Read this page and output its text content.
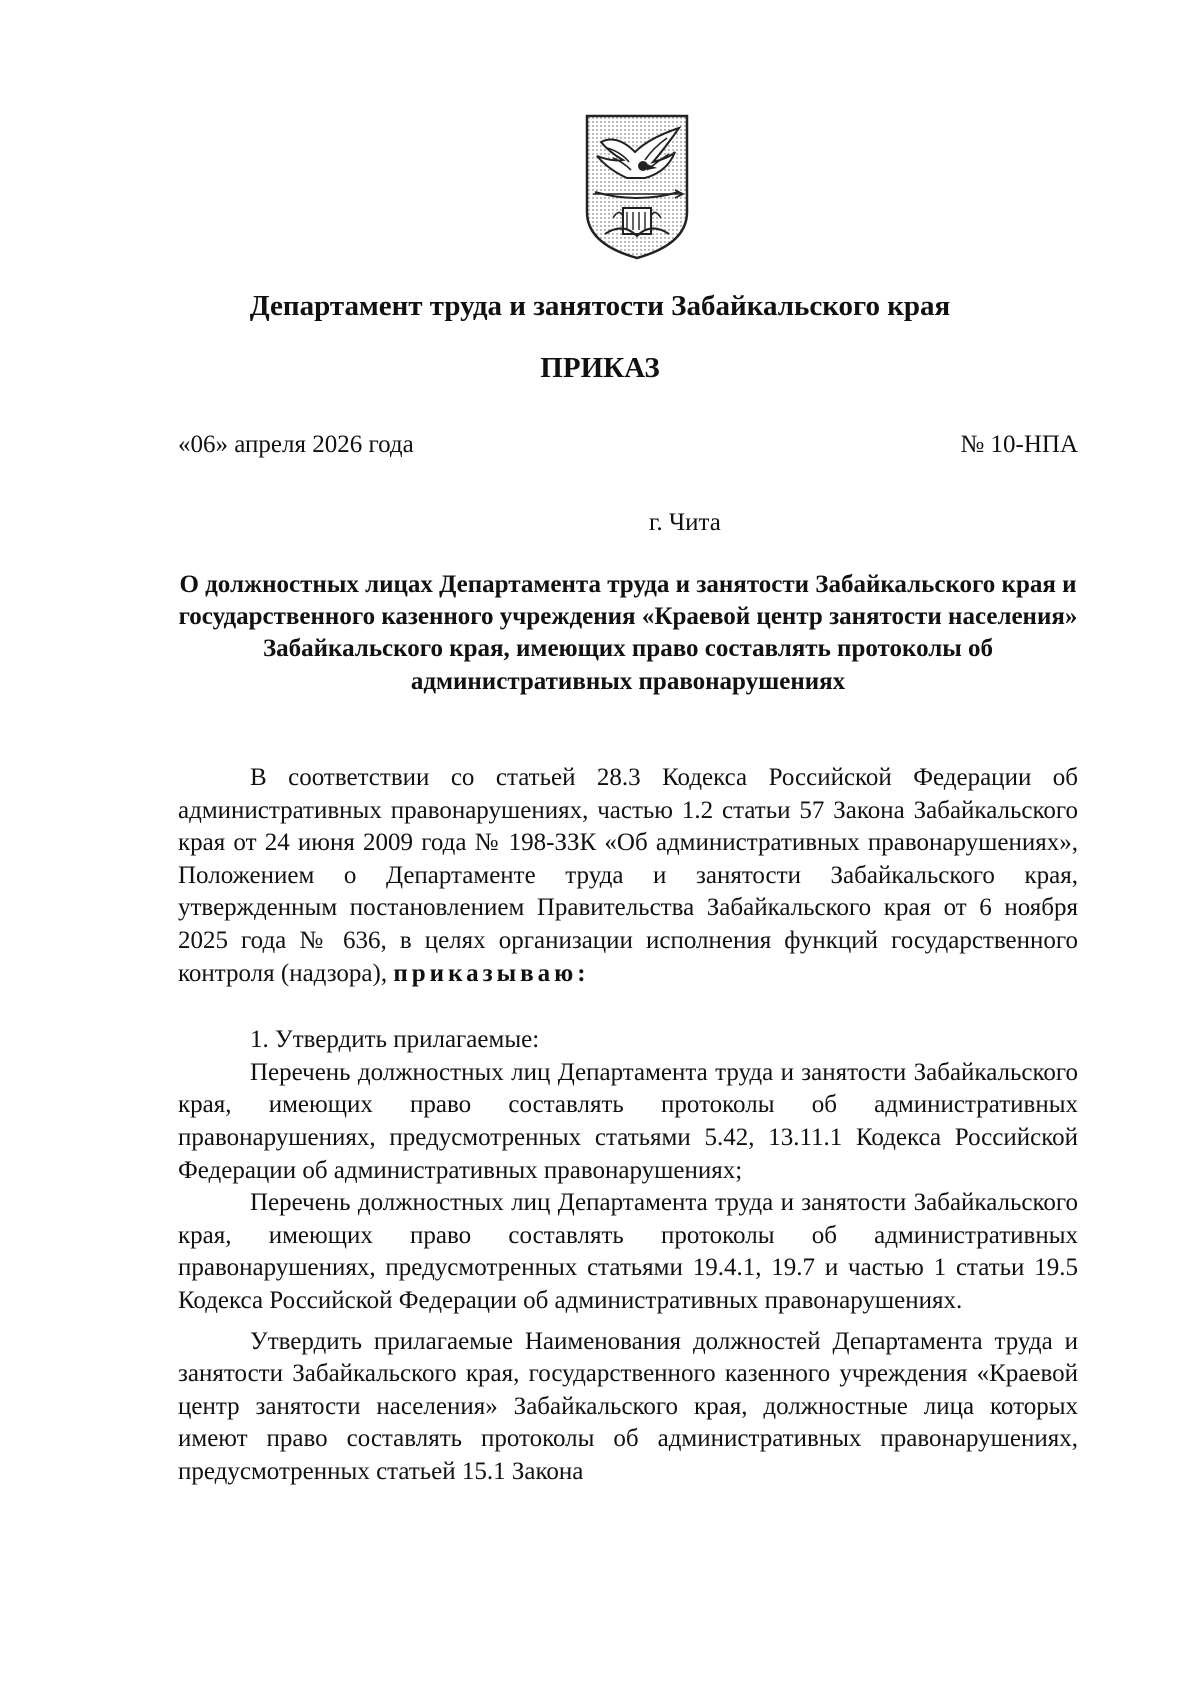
Департамент труда и занятости Забайкальского края
ПРИКАЗ
«06» апреля 2026 года	№ 10-НПА
г. Чита
О должностных лицах Департамента труда и занятости Забайкальского края и государственного казенного учреждения «Краевой центр занятости населения» Забайкальского края, имеющих право составлять протоколы об административных правонарушениях

В соответствии со статьей 28.3 Кодекса Российской Федерации об административных правонарушениях, частью 1.2 статьи 57 Закона Забайкальского края от 24 июня 2009 года № 198-ЗЗК «Об административных правонарушениях», Положением о Департаменте труда и занятости Забайкальского края, утвержденным постановлением Правительства Забайкальского края от 6 ноября 2025 года № 636, в целях организации исполнения функций государственного контроля (надзора), приказываю:

1. Утвердить прилагаемые:

Перечень должностных лиц Департамента труда и занятости Забайкальского края, имеющих право составлять протоколы об административных правонарушениях, предусмотренных статьями 5.42, 13.11.1 Кодекса Российской Федерации об административных правонарушениях;

Перечень должностных лиц Департамента труда и занятости Забайкальского края, имеющих право составлять протоколы об административных правонарушениях, предусмотренных статьями 19.4.1, 19.7 и частью 1 статьи 19.5 Кодекса Российской Федерации об административных правонарушениях.

Утвердить прилагаемые Наименования должностей Департамента труда и занятости Забайкальского края, государственного казенного учреждения «Краевой центр занятости населения» Забайкальского края, должностные лица которых имеют право составлять протоколы об административных правонарушениях, предусмотренных статьей 15.1 Закона
